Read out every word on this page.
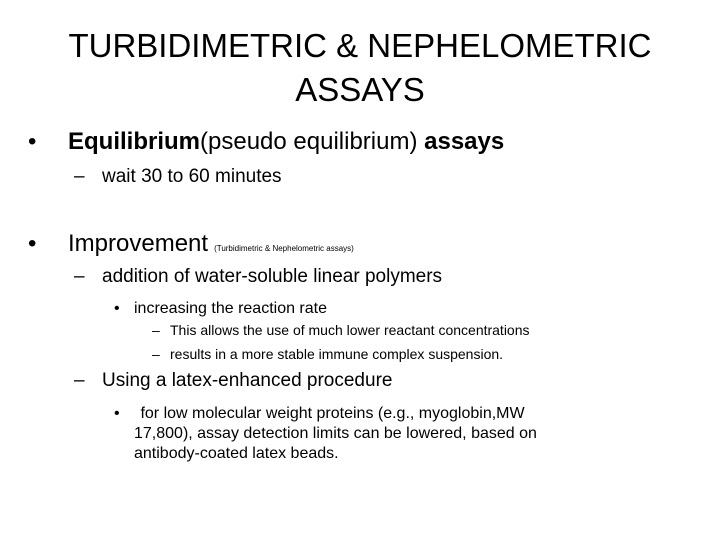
TURBIDIMETRIC & NEPHELOMETRIC
ASSAYS
• Equilibrium(pseudo equilibrium) assays
– wait 30 to 60 minutes
• Improvement (Turbidimetric & Nephelometric assays)
– addition of water-soluble linear polymers
• increasing the reaction rate
– This allows the use of much lower reactant concentrations
– results in a more stable immune complex suspension.
– Using a latex-enhanced procedure
• for low molecular weight proteins (e.g., myoglobin,MW
17,800), assay detection limits can be lowered, based on
antibody-coated latex beads.
